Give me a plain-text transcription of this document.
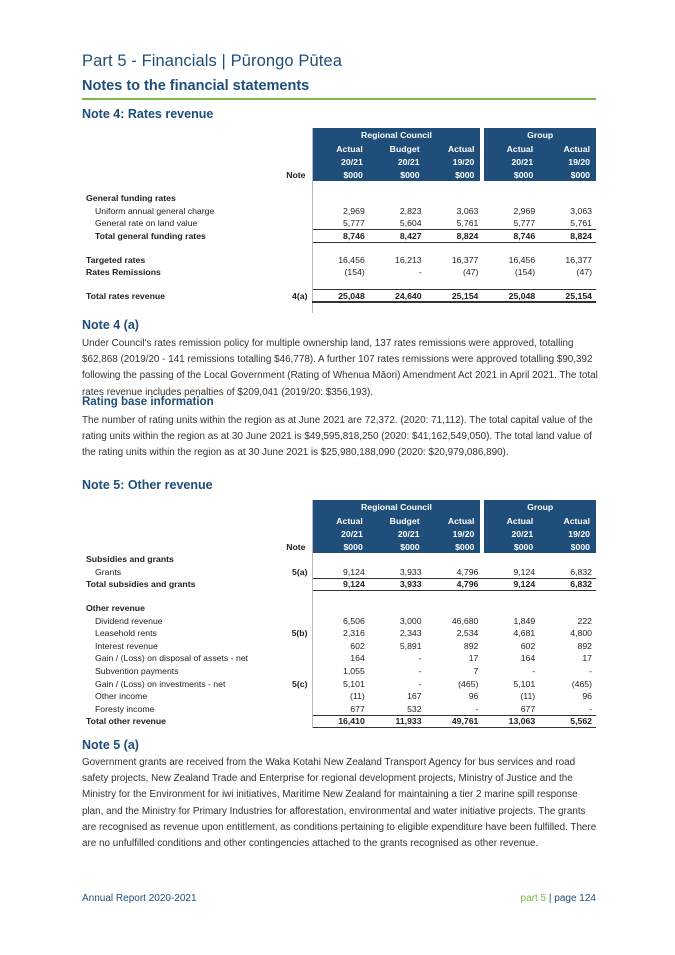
Part 5 - Financials | Pūrongo Pūtea
Notes to the financial statements
Note 4: Rates revenue
		Regional Council			Group	
		Actual	Budget	Actual	Actual	Actual
		20/21	20/21	19/20	20/21	19/20
	Note	$000	$000	$000	$000	$000

General funding rates						
Uniform annual general charge		2,969	2,823	3,063	2,969	3,063
General rate on land value		5,777	5,604	5,761	5,777	5,761
Total general funding rates		8,746	8,427	8,824	8,746	8,824

Targeted rates		16,456	16,213	16,377	16,456	16,377
Rates Remissions		(154)	-	(47)	(154)	(47)

Total rates revenue	4(a)	25,048	24,640	25,154	25,048	25,154

Note 4 (a)
Under Council's rates remission policy for multiple ownership land, 137 rates remissions were approved, totalling $62,868 (2019/20 - 141 remissions totalling $46,778). A further 107 rates remissions were approved totalling $90,392 following the passing of the Local Government (Rating of Whenua Māori) Amendment Act 2021 in April 2021. The total rates revenue includes penalties of $209,041 (2019/20: $356,193).
Rating base information
The number of rating units within the region as at June 2021 are 72,372. (2020: 71,112). The total capital value of the rating units within the region as at 30 June 2021 is $49,595,818,250 (2020: $41,162,549,050). The total land value of the rating units within the region as at 30 June 2021 is $25,980,188,090 (2020: $20,979,086,890).
Note 5: Other revenue
		Regional Council			Group	
		Actual	Budget	Actual	Actual	Actual
		20/21	20/21	19/20	20/21	19/20
	Note	$000	$000	$000	$000	$000
Subsidies and grants						
Grants	5(a)	9,124	3,933	4,796	9,124	6,832
Total subsidies and grants		9,124	3,933	4,796	9,124	6,832

Other revenue						
Dividend revenue		6,506	3,000	46,680	1,849	222
Leasehold rents	5(b)	2,316	2,343	2,534	4,681	4,800
Interest revenue		602	5,891	892	602	892
Gain / (Loss) on disposal of assets - net		164	-	17	164	17
Subvention payments		1,055	-	7	-	-
Gain / (Loss) on investments - net	5(c)	5,101	-	(465)	5,101	(465)
Other income		(11)	167	96	(11)	96
Foresty income		677	532	-	677	-
Total other revenue		16,410	11,933	49,761	13,063	5,562
Note 5 (a)
Government grants are received from the Waka Kotahi New Zealand Transport Agency for bus services and road safety projects, New Zealand Trade and Enterprise for regional development projects, Ministry of Justice and the Ministry for the Environment for iwi initiatives, Maritime New Zealand for maintaining a tier 2 marine spill response plan, and the Ministry for Primary Industries for afforestation, environmental and water initiative projects. The grants are recognised as revenue upon entitlement, as conditions pertaining to eligible expenditure have been fulfilled. There are no unfulfilled conditions and other contingencies attached to the grants recognised as other revenue.
Annual Report 2020-2021	part 5 | page 124
